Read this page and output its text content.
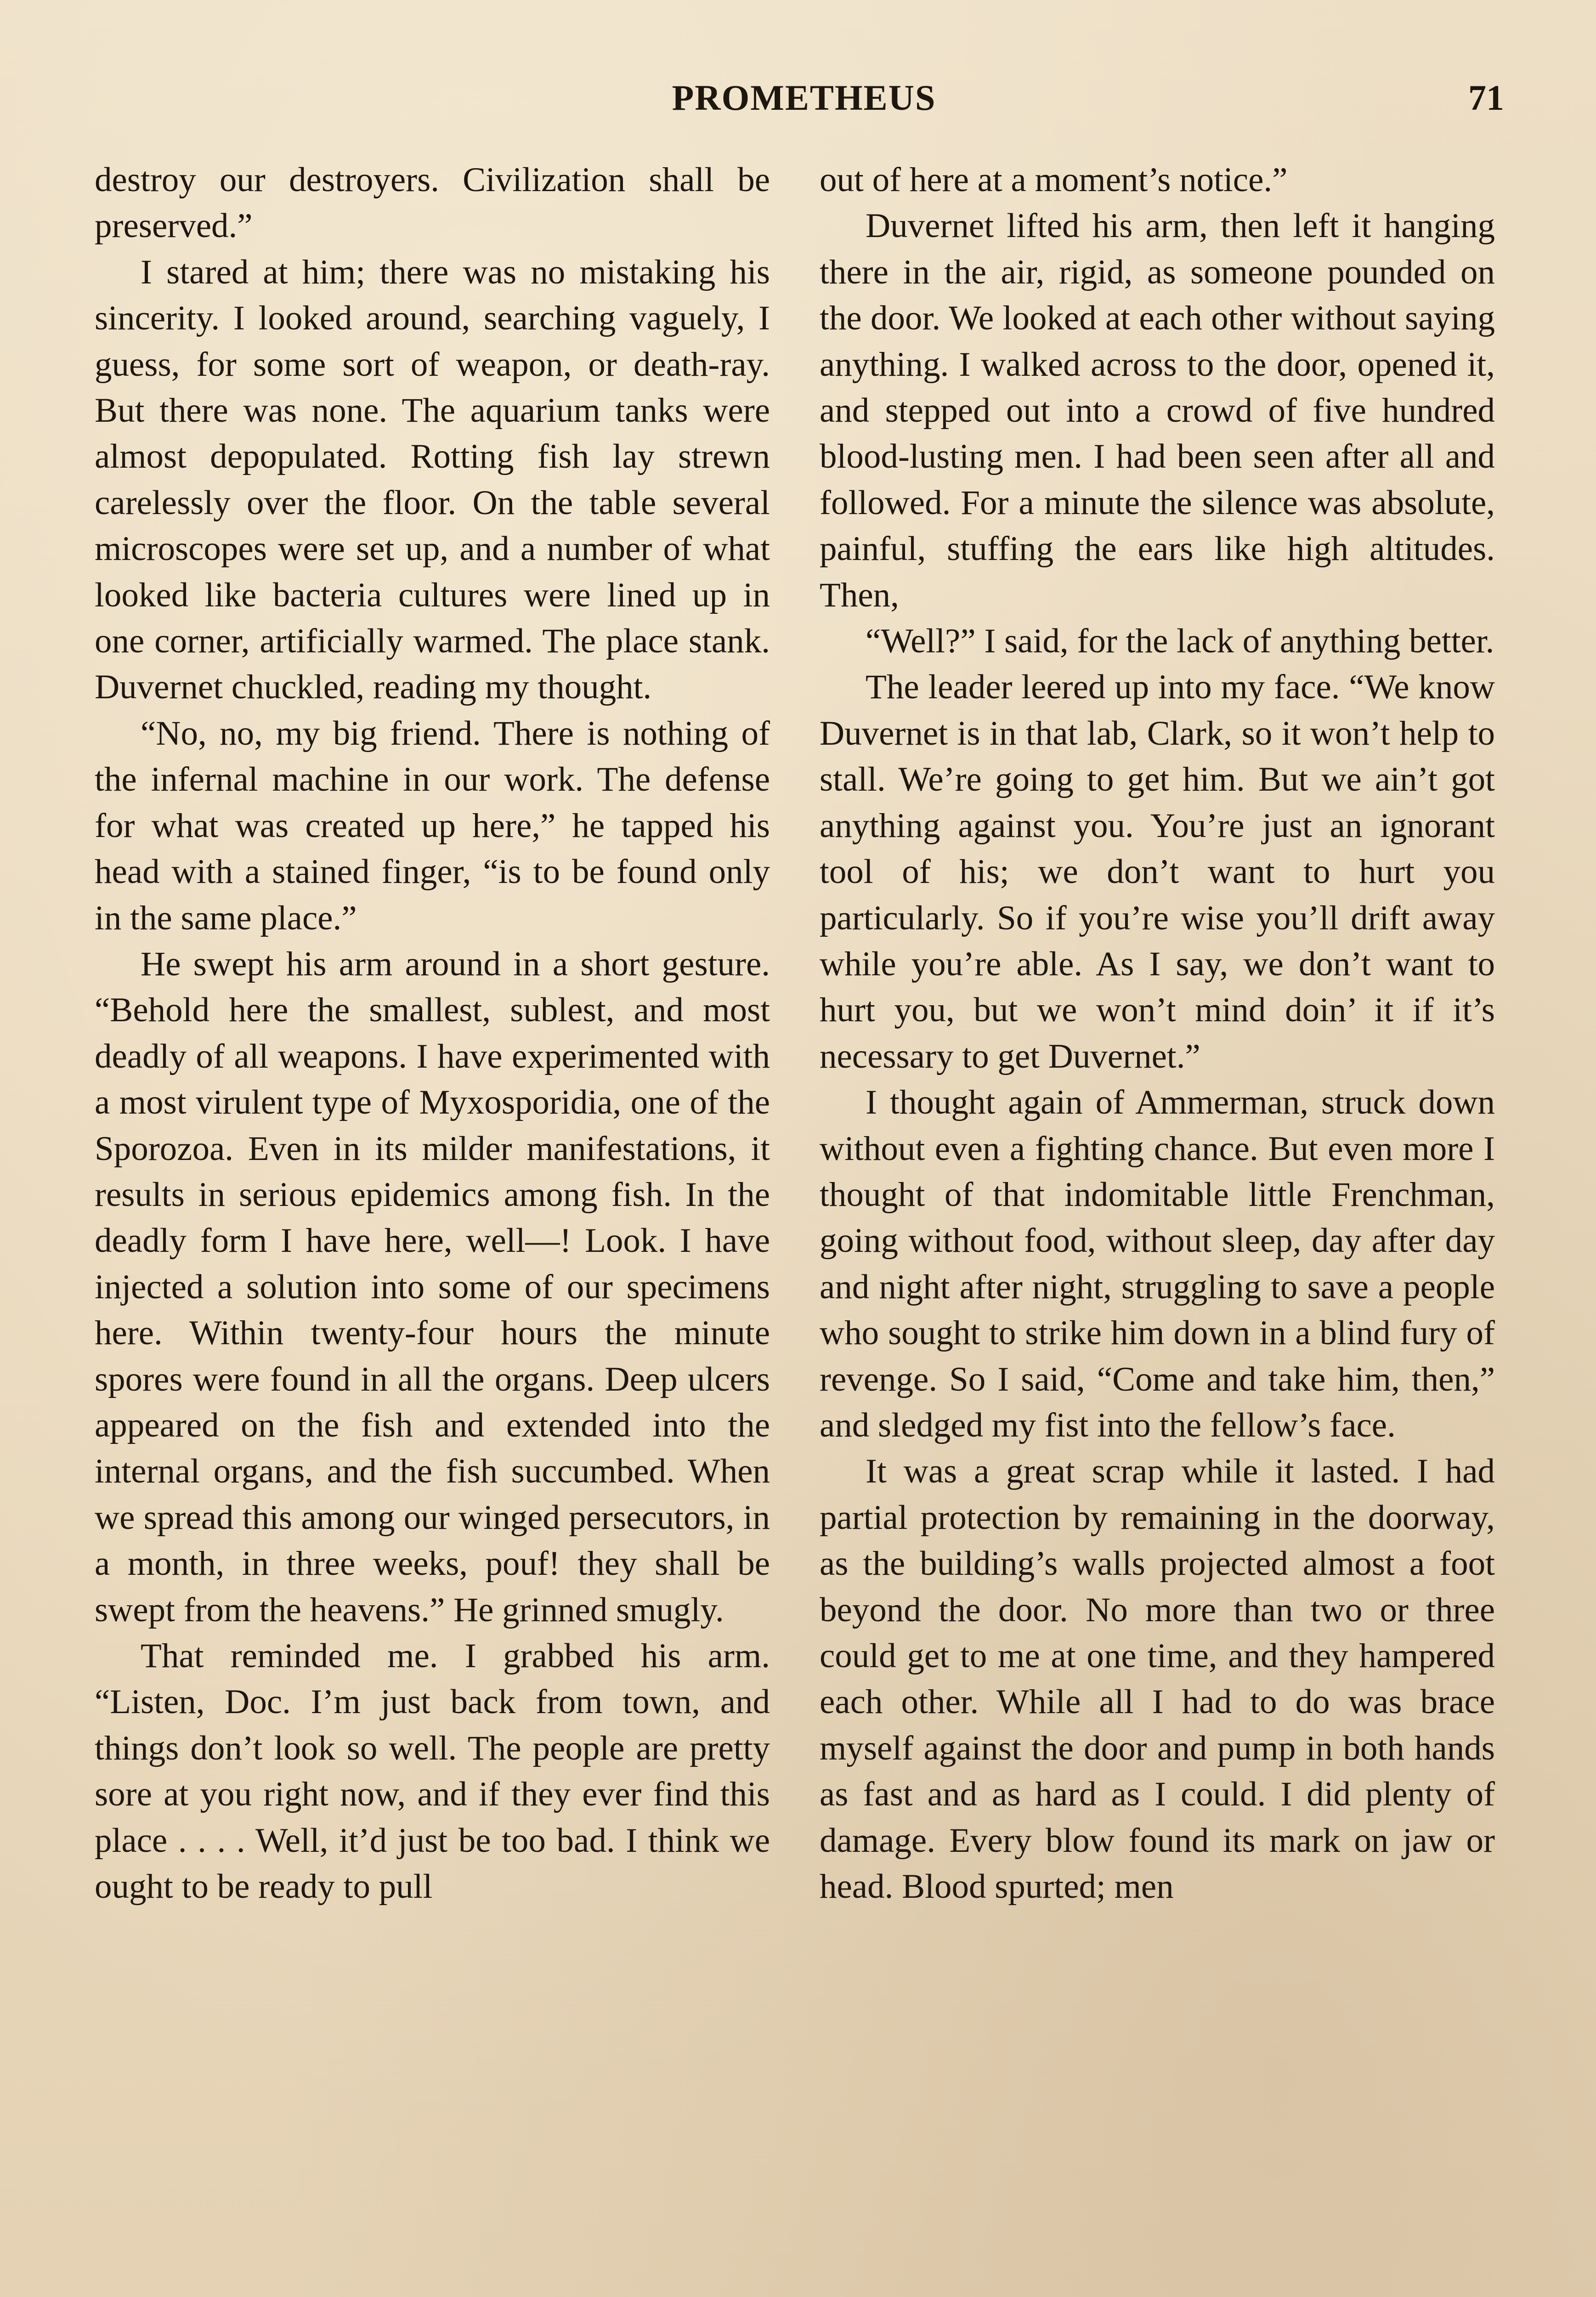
PROMETHEUS	71

destroy our destroyers. Civilization shall be preserved.”

I stared at him; there was no mistaking his sincerity. I looked around, searching vaguely, I guess, for some sort of weapon, or death-ray. But there was none. The aquarium tanks were almost depopulated. Rotting fish lay strewn carelessly over the floor. On the table several microscopes were set up, and a number of what looked like bacteria cultures were lined up in one corner, artificially warmed. The place stank. Duvernet chuckled, reading my thought.

“No, no, my big friend. There is nothing of the infernal machine in our work. The defense for what was created up here,” he tapped his head with a stained finger, “is to be found only in the same place.”

He swept his arm around in a short gesture. “Behold here the smallest, sublest, and most deadly of all weapons. I have experimented with a most virulent type of Myxosporidia, one of the Sporozoa. Even in its milder manifestations, it results in serious epidemics among fish. In the deadly form I have here, well—! Look. I have injected a solution into some of our specimens here. Within twenty-four hours the minute spores were found in all the organs. Deep ulcers appeared on the fish and extended into the internal organs, and the fish succumbed. When we spread this among our winged persecutors, in a month, in three weeks, pouf! they shall be swept from the heavens.” He grinned smugly.

That reminded me. I grabbed his arm. “Listen, Doc. I’m just back from town, and things don’t look so well. The people are pretty sore at you right now, and if they ever find this place . . . . Well, it’d just be too bad. I think we ought to be ready to pull

out of here at a moment’s notice.”

Duvernet lifted his arm, then left it hanging there in the air, rigid, as someone pounded on the door. We looked at each other without saying anything. I walked across to the door, opened it, and stepped out into a crowd of five hundred blood-lusting men. I had been seen after all and followed. For a minute the silence was absolute, painful, stuffing the ears like high altitudes. Then,

“Well?” I said, for the lack of anything better.

The leader leered up into my face. “We know Duvernet is in that lab, Clark, so it won’t help to stall. We’re going to get him. But we ain’t got anything against you. You’re just an ignorant tool of his; we don’t want to hurt you particularly. So if you’re wise you’ll drift away while you’re able. As I say, we don’t want to hurt you, but we won’t mind doin’ it if it’s necessary to get Duvernet.”

I thought again of Ammerman, struck down without even a fighting chance. But even more I thought of that indomitable little Frenchman, going without food, without sleep, day after day and night after night, struggling to save a people who sought to strike him down in a blind fury of revenge. So I said, “Come and take him, then,” and sledged my fist into the fellow’s face.

It was a great scrap while it lasted. I had partial protection by remaining in the doorway, as the building’s walls projected almost a foot beyond the door. No more than two or three could get to me at one time, and they hampered each other. While all I had to do was brace myself against the door and pump in both hands as fast and as hard as I could. I did plenty of damage. Every blow found its mark on jaw or head. Blood spurted; men
